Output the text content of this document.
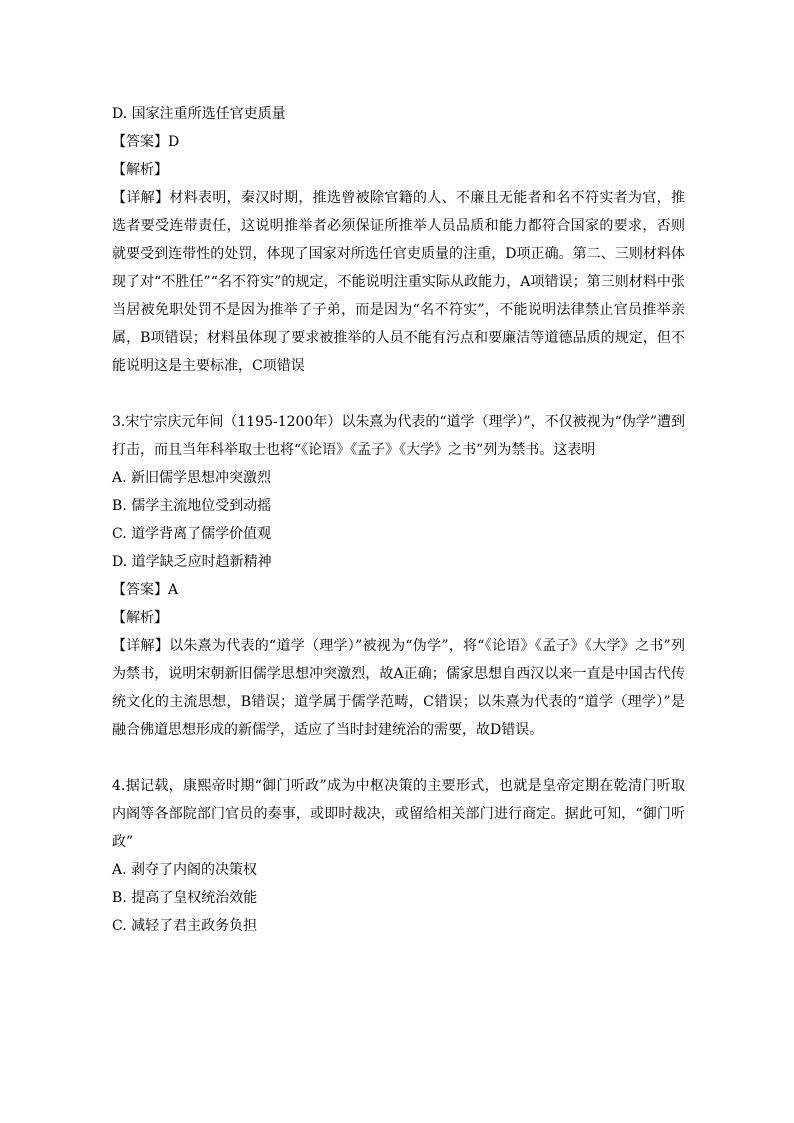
D. 国家注重所选任官吏质量
【答案】D
【解析】

【详解】材料表明，秦汉时期，推选曾被除官籍的人、不廉且无能者和名不符实者为官，推选者要受连带责任，这说明推举者必须保证所推举人员品质和能力都符合国家的要求，否则就要受到连带性的处罚，体现了国家对所选任官吏质量的注重，D项正确。第二、三则材料体现了对“不胜任”“名不符实”的规定，不能说明注重实际从政能力，A项错误；第三则材料中张当居被免职处罚不是因为推举了子弟，而是因为“名不符实”，不能说明法律禁止官员推举亲属，B项错误；材料虽体现了要求被推举的人员不能有污点和要廉洁等道德品质的规定，但不能说明这是主要标准，C项错误

3.宋宁宗庆元年间（1195-1200年）以朱熹为代表的“道学（理学）”，不仅被视为“伪学”遭到打击，而且当年科举取士也将“《论语》《孟子》《大学》之书”列为禁书。这表明

A. 新旧儒学思想冲突激烈
B. 儒学主流地位受到动摇
C. 道学背离了儒学价值观
D. 道学缺乏应时趋新精神
【答案】A
【解析】

【详解】以朱熹为代表的“道学（理学）”被视为“伪学”，将“《论语》《孟子》《大学》之书”列为禁书，说明宋朝新旧儒学思想冲突激烈，故A正确；儒家思想自西汉以来一直是中国古代传统文化的主流思想，B错误；道学属于儒学范畴，C错误；以朱熹为代表的“道学（理学）”是融合佛道思想形成的新儒学，适应了当时封建统治的需要，故D错误。

4.据记载，康熙帝时期“御门听政”成为中枢决策的主要形式，也就是皇帝定期在乾清门听取内阁等各部院部门官员的奏事，或即时裁决，或留给相关部门进行商定。据此可知，“御门听政”

A. 剥夺了内阁的决策权
B. 提高了皇权统治效能
C. 减轻了君主政务负担
